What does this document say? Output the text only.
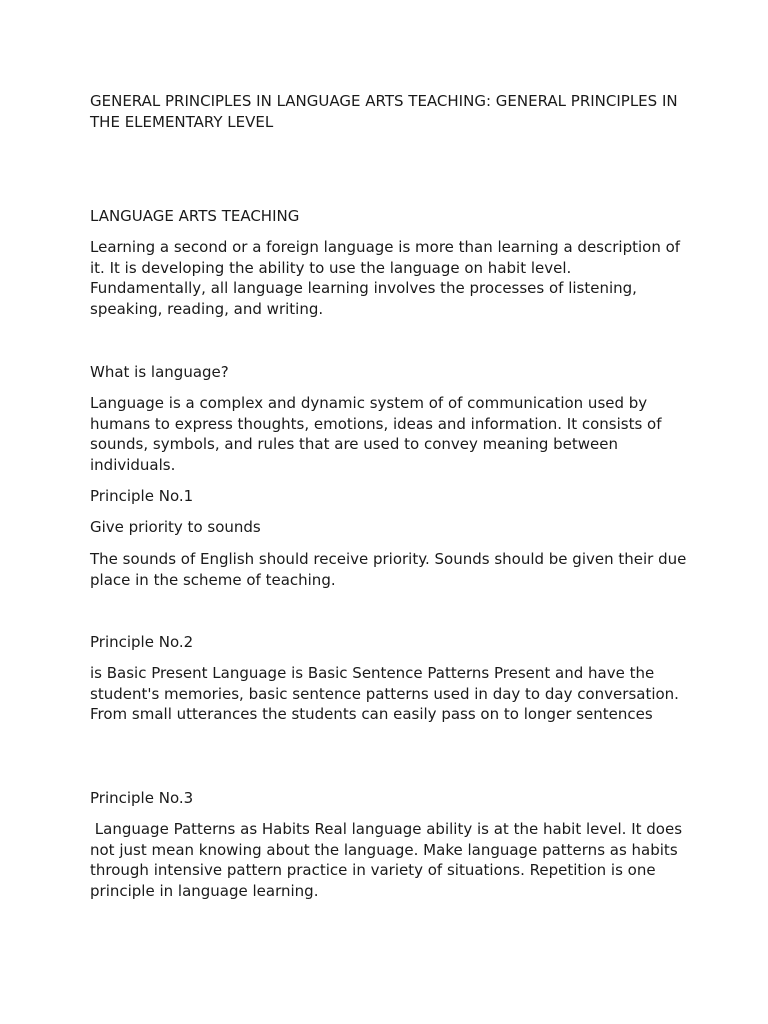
GENERAL PRINCIPLES IN LANGUAGE ARTS TEACHING: GENERAL PRINCIPLES IN THE ELEMENTARY LEVEL

LANGUAGE ARTS TEACHING

Learning a second or a foreign language is more than learning a description of it. It is developing the ability to use the language on habit level. Fundamentally, all language learning involves the processes of listening, speaking, reading, and writing.

What is language?

Language is a complex and dynamic system of of communication used by humans to express thoughts, emotions, ideas and information. It consists of sounds, symbols, and rules that are used to convey meaning between individuals.

Principle No.1

Give priority to sounds

The sounds of English should receive priority. Sounds should be given their due place in the scheme of teaching.

Principle No.2

is Basic Present Language is Basic Sentence Patterns Present and have the student's memories, basic sentence patterns used in day to day conversation. From small utterances the students can easily pass on to longer sentences

Principle No.3

Language Patterns as Habits Real language ability is at the habit level. It does not just mean knowing about the language. Make language patterns as habits through intensive pattern practice in variety of situations. Repetition is one principle in language learning.
